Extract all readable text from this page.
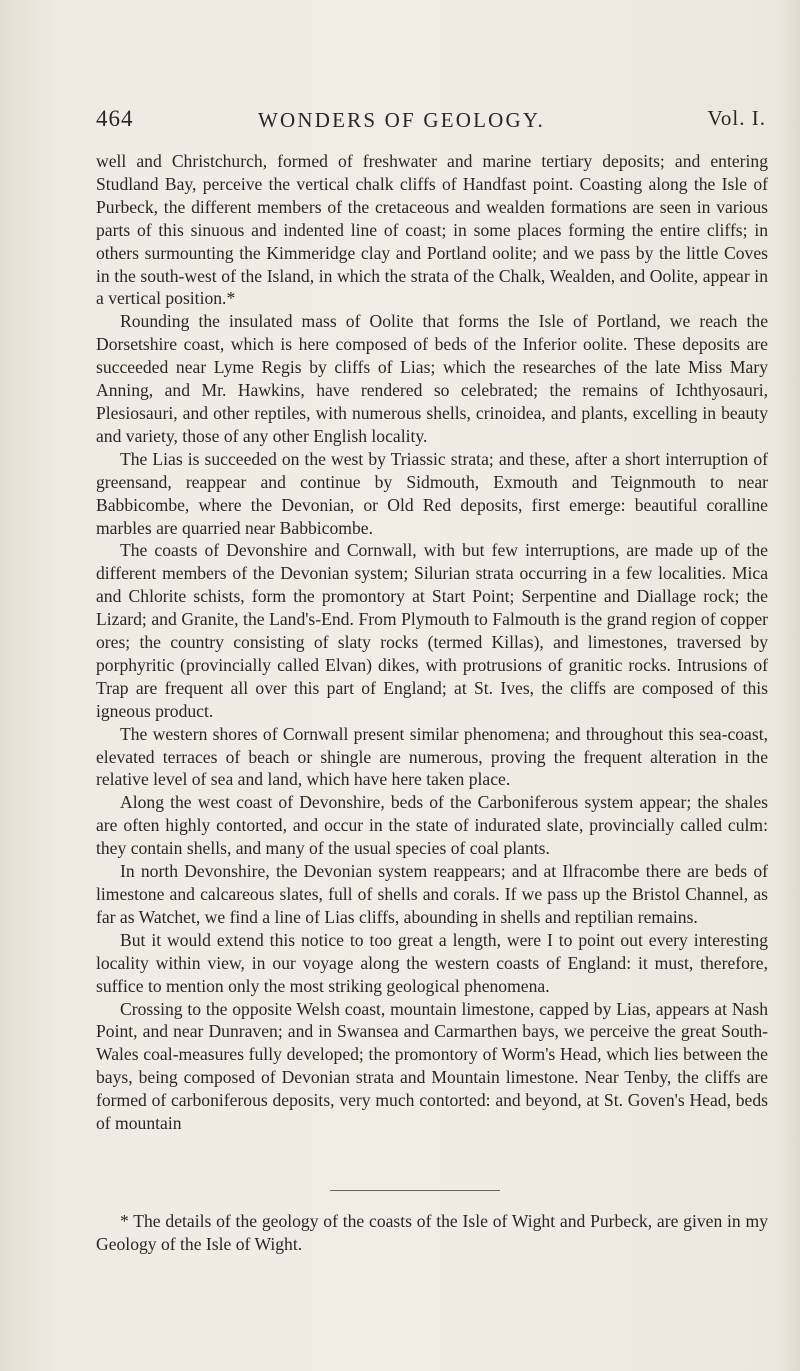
464	WONDERS OF GEOLOGY.	Vol. I.

well and Christchurch, formed of freshwater and marine tertiary deposits; and entering Studland Bay, perceive the vertical chalk cliffs of Handfast point. Coasting along the Isle of Purbeck, the different members of the cretaceous and wealden formations are seen in various parts of this sinuous and indented line of coast; in some places forming the entire cliffs; in others surmounting the Kimmeridge clay and Portland oolite; and we pass by the little Coves in the south-west of the Island, in which the strata of the Chalk, Wealden, and Oolite, appear in a vertical position.*

Rounding the insulated mass of Oolite that forms the Isle of Portland, we reach the Dorsetshire coast, which is here composed of beds of the Inferior oolite. These deposits are succeeded near Lyme Regis by cliffs of Lias; which the researches of the late Miss Mary Anning, and Mr. Hawkins, have rendered so celebrated; the remains of Ichthyosauri, Plesiosauri, and other reptiles, with numerous shells, crinoidea, and plants, excelling in beauty and variety, those of any other English locality.

The Lias is succeeded on the west by Triassic strata; and these, after a short interruption of greensand, reappear and continue by Sidmouth, Exmouth and Teignmouth to near Babbicombe, where the Devonian, or Old Red deposits, first emerge: beautiful coralline marbles are quarried near Babbicombe.

The coasts of Devonshire and Cornwall, with but few interruptions, are made up of the different members of the Devonian system; Silurian strata occurring in a few localities. Mica and Chlorite schists, form the promontory at Start Point; Serpentine and Diallage rock; the Lizard; and Granite, the Land's-End. From Plymouth to Falmouth is the grand region of copper ores; the country consisting of slaty rocks (termed Killas), and limestones, traversed by porphyritic (provincially called Elvan) dikes, with protrusions of granitic rocks. Intrusions of Trap are frequent all over this part of England; at St. Ives, the cliffs are composed of this igneous product.

The western shores of Cornwall present similar phenomena; and throughout this sea-coast, elevated terraces of beach or shingle are numerous, proving the frequent alteration in the relative level of sea and land, which have here taken place.

Along the west coast of Devonshire, beds of the Carboniferous system appear; the shales are often highly contorted, and occur in the state of indurated slate, provincially called culm: they contain shells, and many of the usual species of coal plants.

In north Devonshire, the Devonian system reappears; and at Ilfracombe there are beds of limestone and calcareous slates, full of shells and corals. If we pass up the Bristol Channel, as far as Watchet, we find a line of Lias cliffs, abounding in shells and reptilian remains.

But it would extend this notice to too great a length, were I to point out every interesting locality within view, in our voyage along the western coasts of England: it must, therefore, suffice to mention only the most striking geological phenomena.

Crossing to the opposite Welsh coast, mountain limestone, capped by Lias, appears at Nash Point, and near Dunraven; and in Swansea and Carmarthen bays, we perceive the great South-Wales coal-measures fully developed; the promontory of Worm's Head, which lies between the bays, being composed of Devonian strata and Mountain limestone. Near Tenby, the cliffs are formed of carboniferous deposits, very much contorted: and beyond, at St. Goven's Head, beds of mountain

* The details of the geology of the coasts of the Isle of Wight and Purbeck, are given in my Geology of the Isle of Wight.
